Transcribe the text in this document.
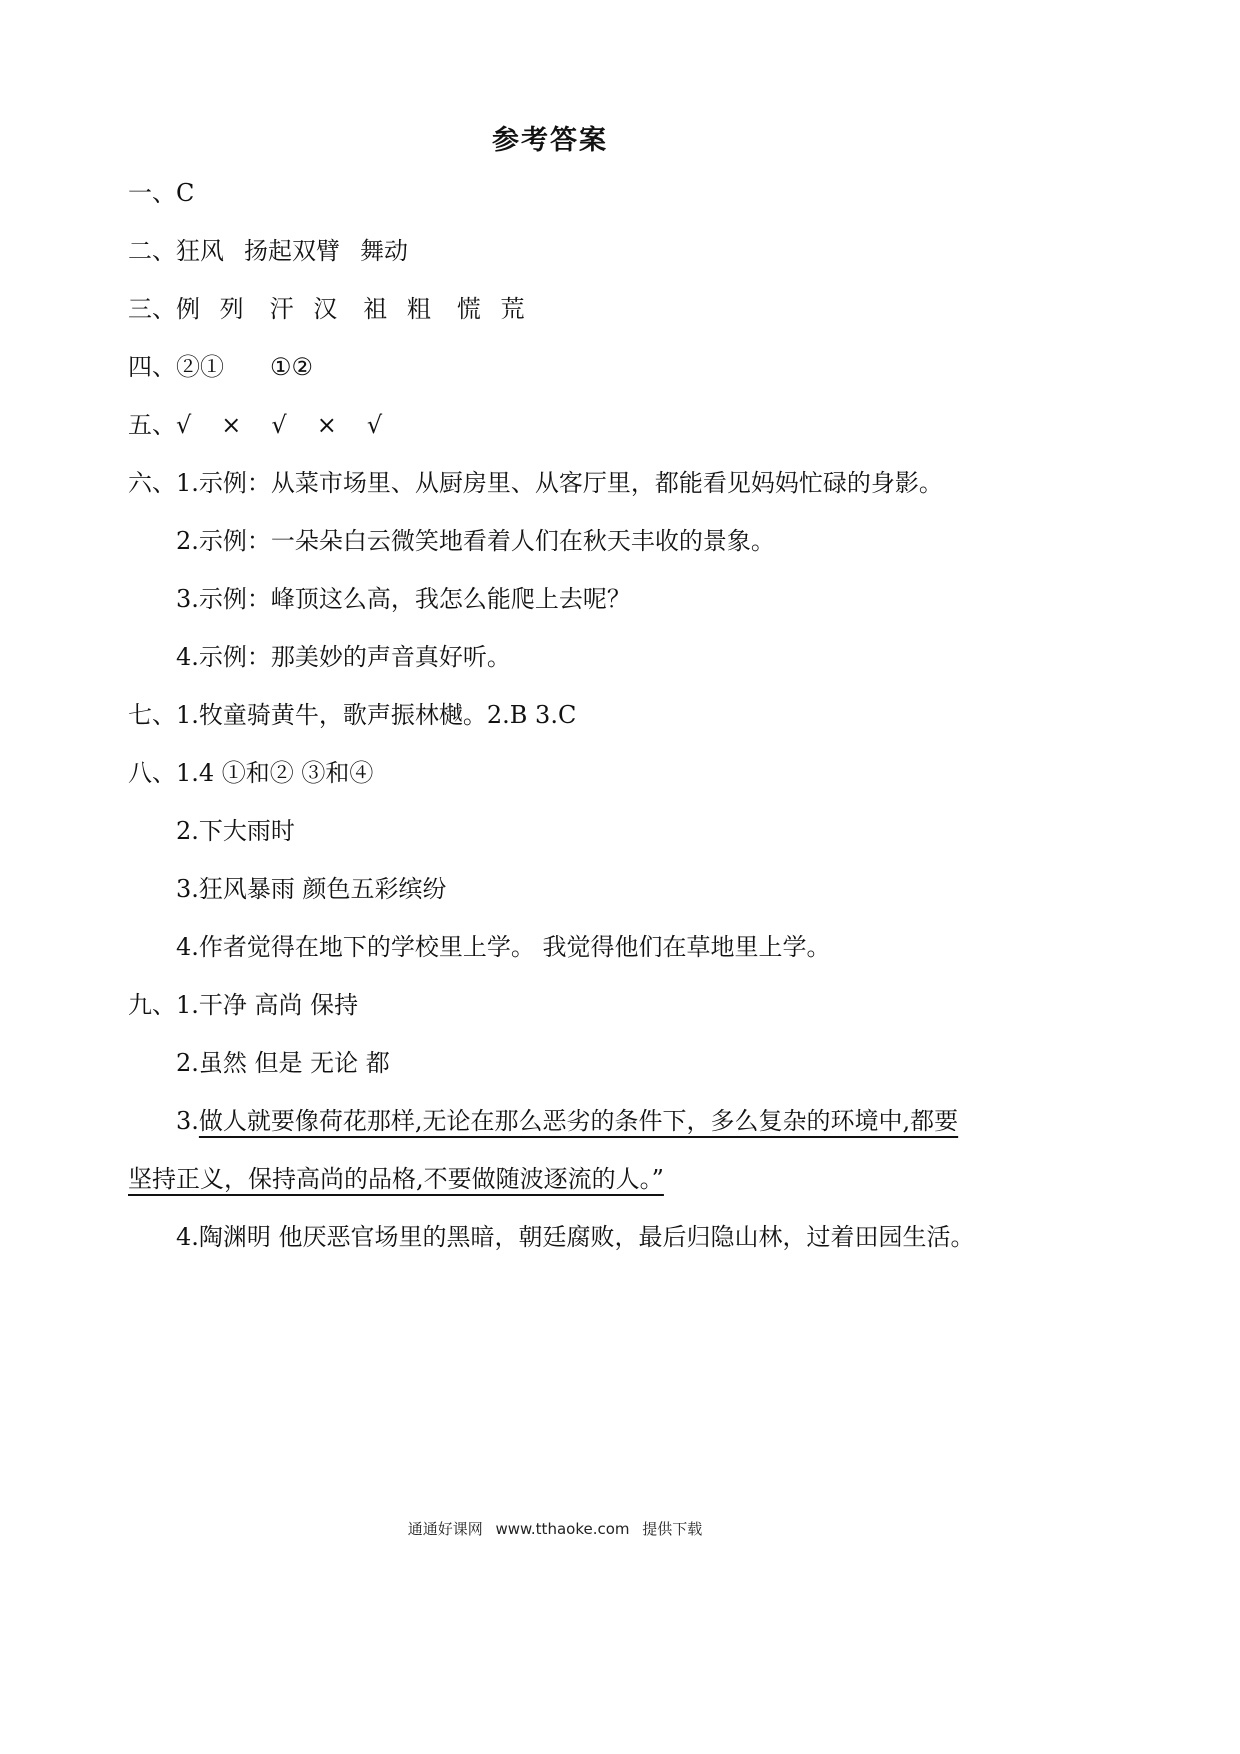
参考答案
一、C
二、狂风 扬起双臂 舞动
三、例 列 汗 汉 祖 粗 慌 荒
四、②① ①②
五、√ × √ × √
六、1.示例：从菜市场里、从厨房里、从客厅里，都能看见妈妈忙碌的身影。
2.示例：一朵朵白云微笑地看着人们在秋天丰收的景象。
3.示例：峰顶这么高，我怎么能爬上去呢？
4.示例：那美妙的声音真好听。
七、1.牧童骑黄牛，歌声振林樾。2.B 3.C
八、1.4 ①和② ③和④
2.下大雨时
3.狂风暴雨 颜色五彩缤纷
4.作者觉得在地下的学校里上学。 我觉得他们在草地里上学。
九、1.干净 高尚 保持
2.虽然 但是 无论 都
3.做人就要像荷花那样,无论在那么恶劣的条件下，多么复杂的环境中,都要
坚持正义，保持高尚的品格,不要做随波逐流的人。”
4.陶渊明 他厌恶官场里的黑暗，朝廷腐败，最后归隐山林，过着田园生活。
通通好课网 www.tthaoke.com 提供下载
